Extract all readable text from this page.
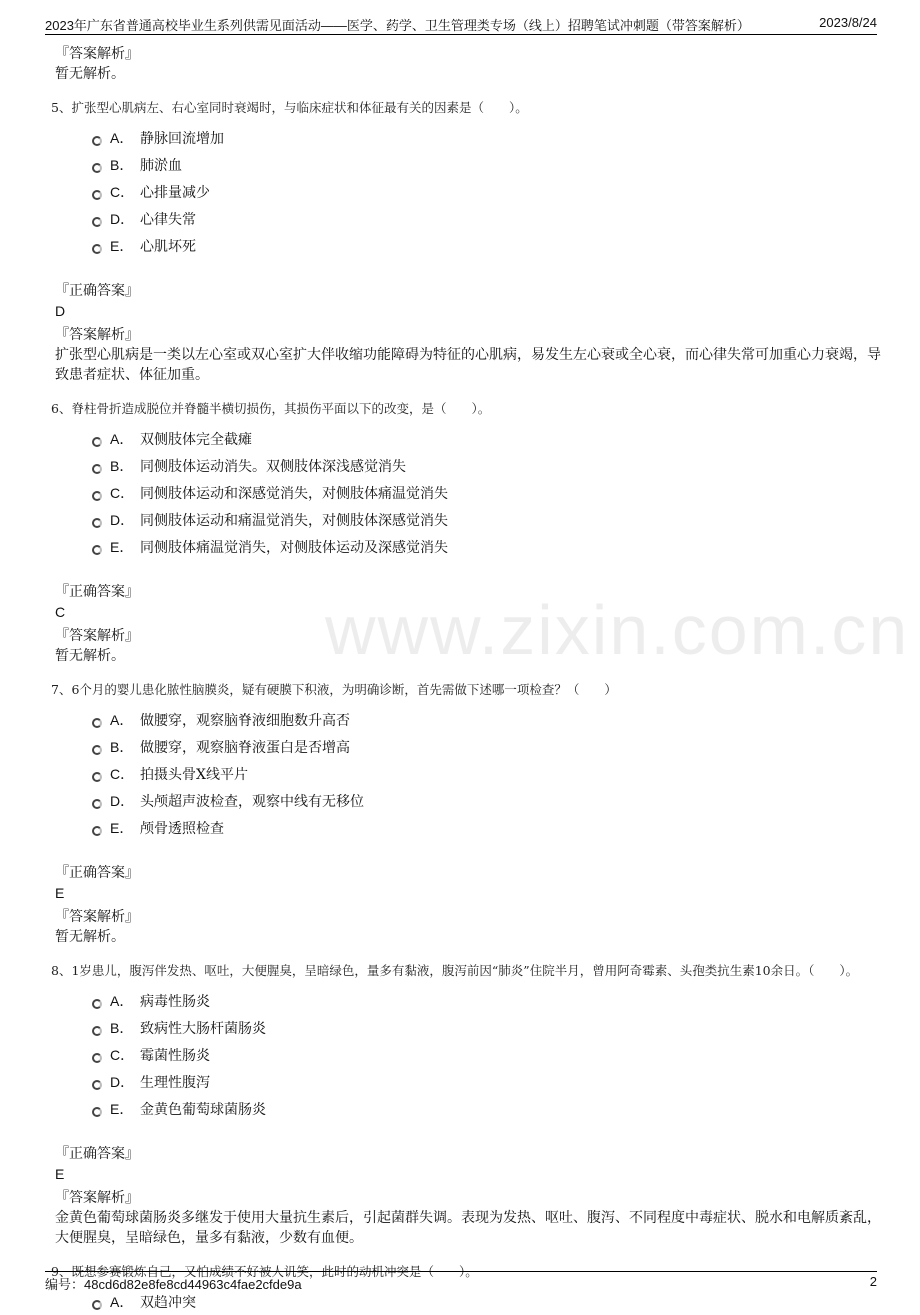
2023年广东省普通高校毕业生系列供需见面活动——医学、药学、卫生管理类专场（线上）招聘笔试冲刺题（带答案解析）	2023/8/24
www.zixin.com.cn
『答案解析』
暂无解析。
5、扩张型心肌病左、右心室同时衰竭时，与临床症状和体征最有关的因素是（　　）。
A． 静脉回流增加
B． 肺淤血
C． 心排量减少
D． 心律失常
E． 心肌坏死
『正确答案』
D
『答案解析』
扩张型心肌病是一类以左心室或双心室扩大伴收缩功能障碍为特征的心肌病，易发生左心衰或全心衰，而心律失常可加重心力衰竭，导致患者症状、体征加重。
6、脊柱骨折造成脱位并脊髓半横切损伤，其损伤平面以下的改变，是（　　）。
A． 双侧肢体完全截瘫
B． 同侧肢体运动消失。双侧肢体深浅感觉消失
C． 同侧肢体运动和深感觉消失，对侧肢体痛温觉消失
D． 同侧肢体运动和痛温觉消失，对侧肢体深感觉消失
E． 同侧肢体痛温觉消失，对侧肢体运动及深感觉消失
『正确答案』
C
『答案解析』
暂无解析。
7、6个月的婴儿患化脓性脑膜炎，疑有硬膜下积液，为明确诊断，首先需做下述哪一项检查？（　　）
A． 做腰穿，观察脑脊液细胞数升高否
B． 做腰穿，观察脑脊液蛋白是否增高
C． 拍摄头骨X线平片
D． 头颅超声波检查，观察中线有无移位
E． 颅骨透照检查
『正确答案』
E
『答案解析』
暂无解析。
8、1岁患儿，腹泻伴发热、呕吐，大便腥臭，呈暗绿色，量多有黏液，腹泻前因“肺炎”住院半月，曾用阿奇霉素、头孢类抗生素10余日。（　　）。
A． 病毒性肠炎
B． 致病性大肠杆菌肠炎
C． 霉菌性肠炎
D． 生理性腹泻
E． 金黄色葡萄球菌肠炎
『正确答案』
E
『答案解析』
金黄色葡萄球菌肠炎多继发于使用大量抗生素后，引起菌群失调。表现为发热、呕吐、腹泻、不同程度中毒症状、脱水和电解质紊乱，大便腥臭，呈暗绿色，量多有黏液，少数有血便。
9、既想参赛锻炼自己，又怕成绩不好被人讥笑，此时的动机冲突是（　　）。
A． 双趋冲突
编号：48cd6d82e8fe8cd44963c4fae2cfde9a	2
